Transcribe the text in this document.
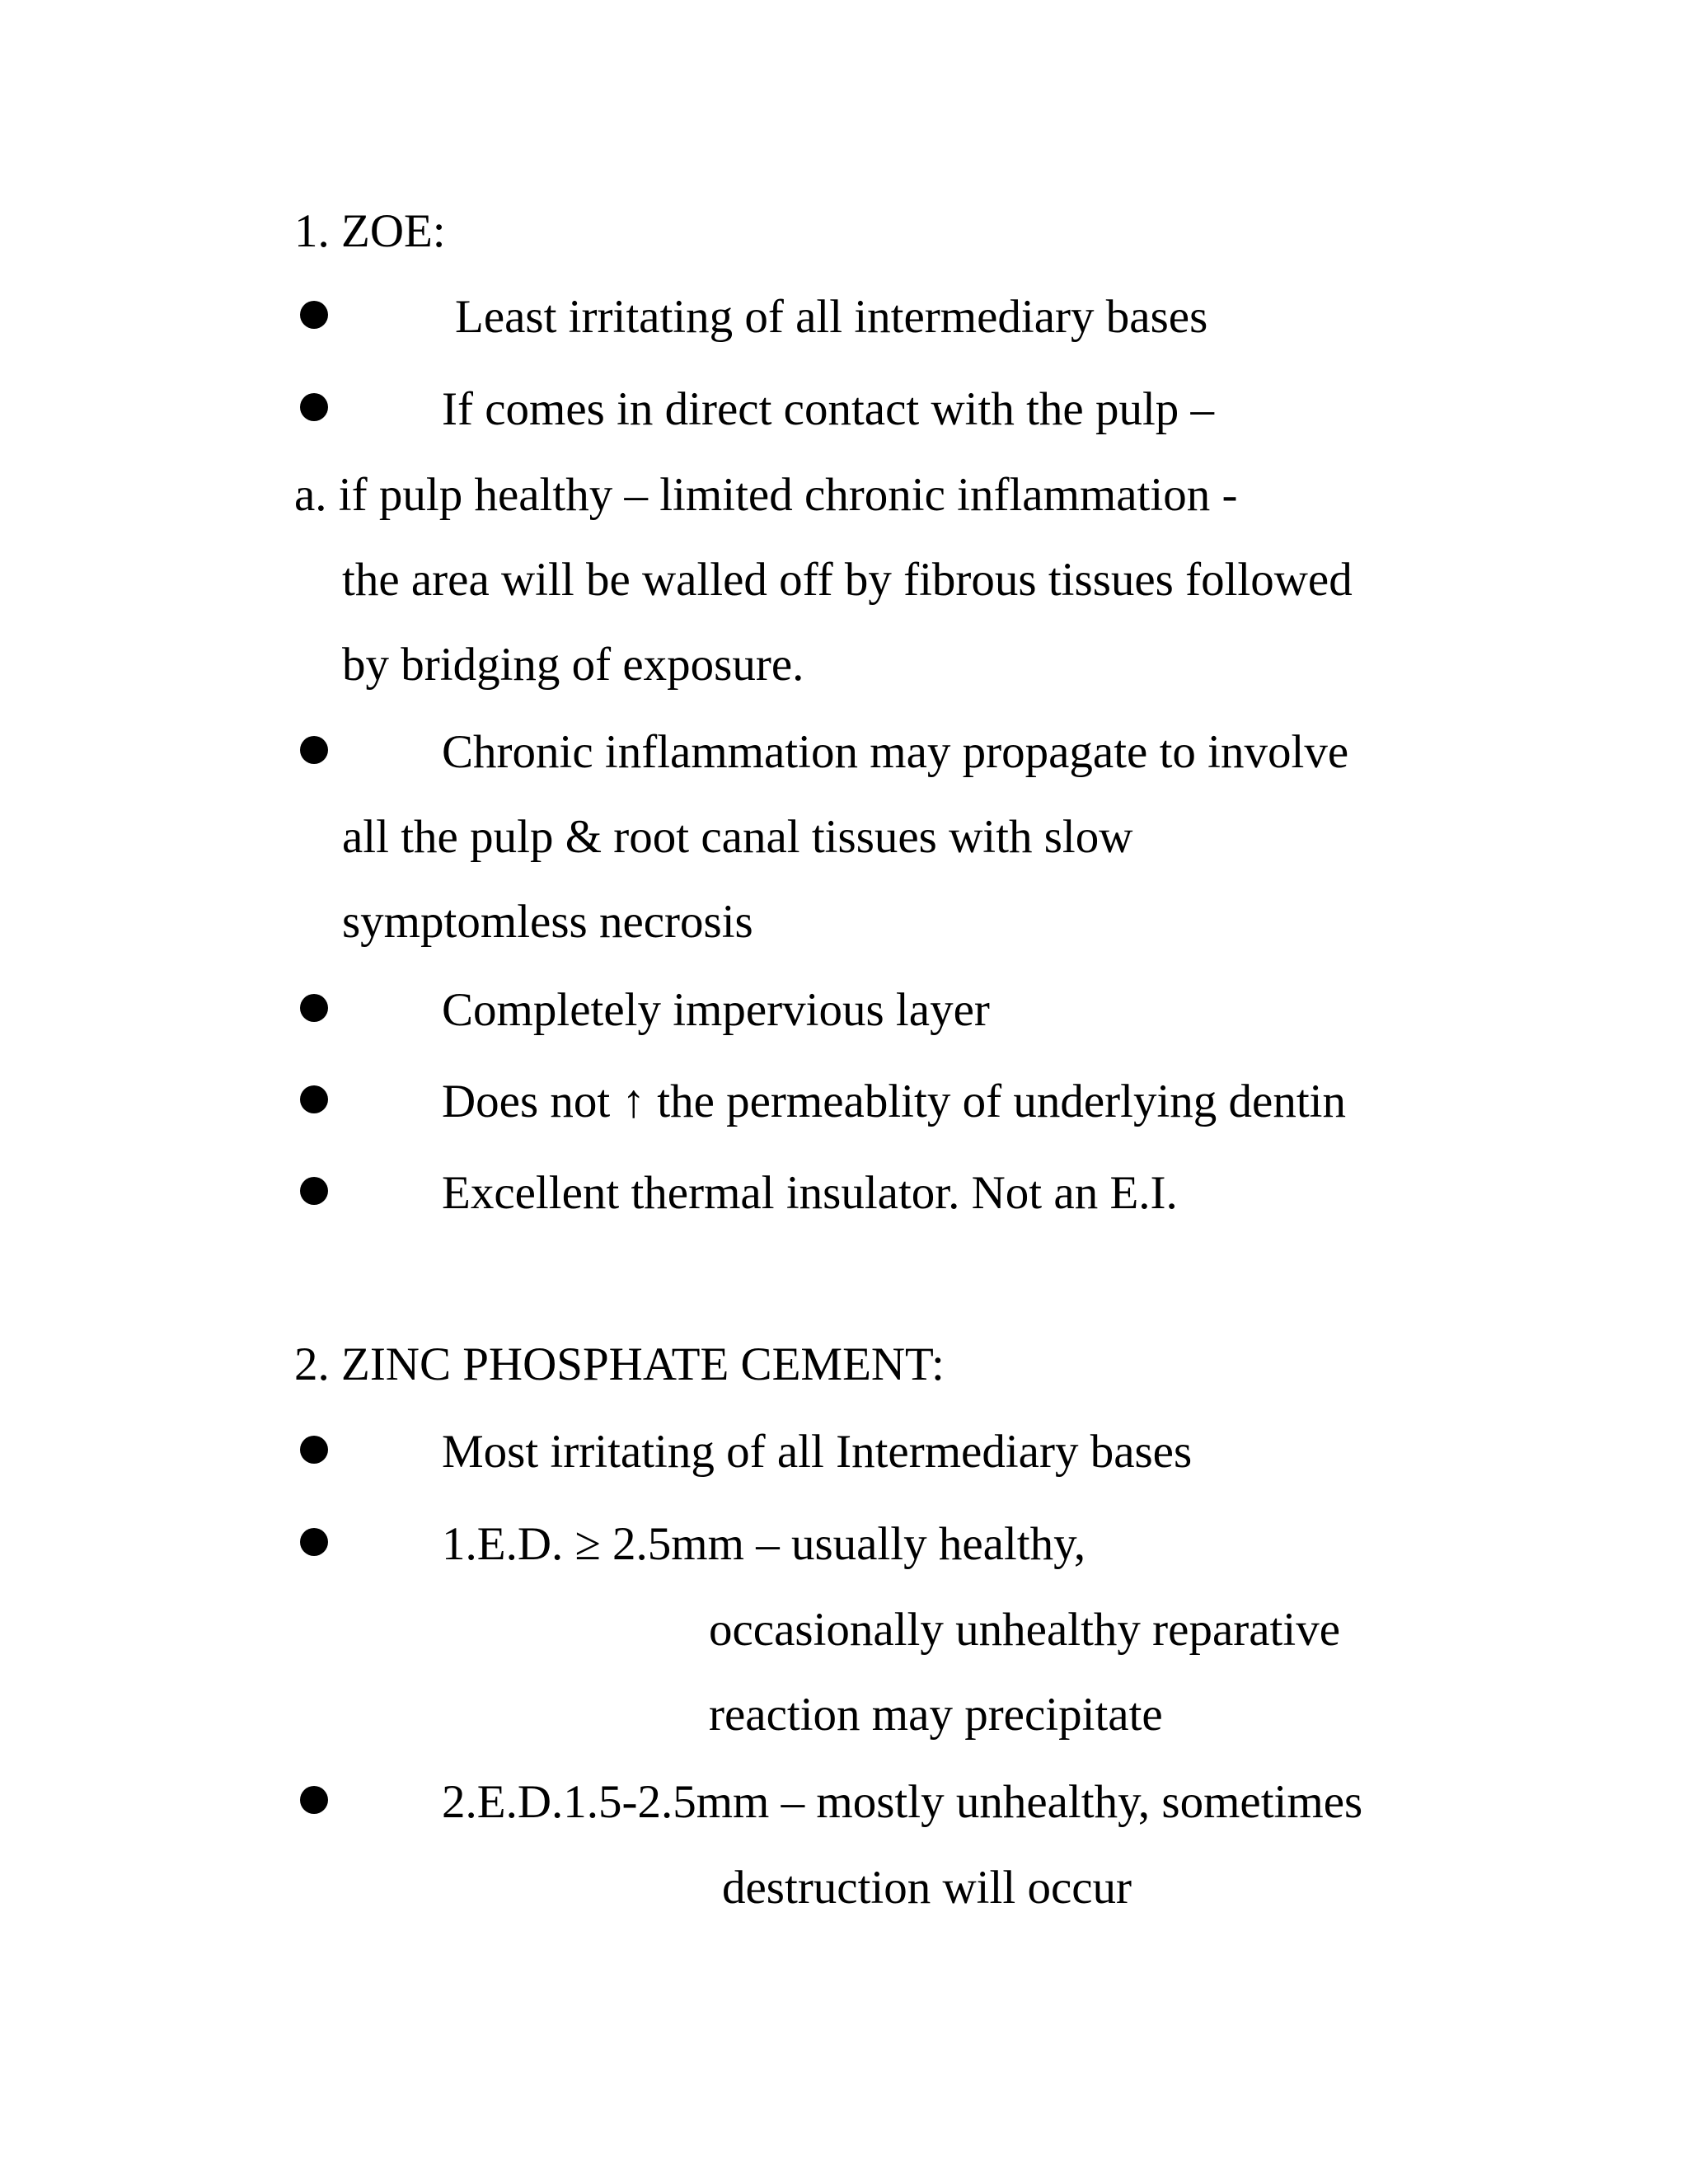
1. ZOE:
Least irritating of all intermediary bases
If comes in direct contact with the pulp –
a. if pulp healthy – limited chronic inflammation -
the area will be walled off by fibrous tissues followed
by bridging of exposure.
Chronic inflammation may propagate to involve
all the pulp & root canal tissues with slow
symptomless necrosis
Completely impervious layer
Does not ↑ the permeablity of underlying dentin
Excellent thermal insulator. Not an E.I.
2. ZINC PHOSPHATE CEMENT:
Most irritating of all Intermediary bases
1.E.D. ≥ 2.5mm – usually healthy,
occasionally unhealthy reparative
reaction may precipitate
2.E.D.1.5-2.5mm – mostly unhealthy, sometimes
destruction will occur
